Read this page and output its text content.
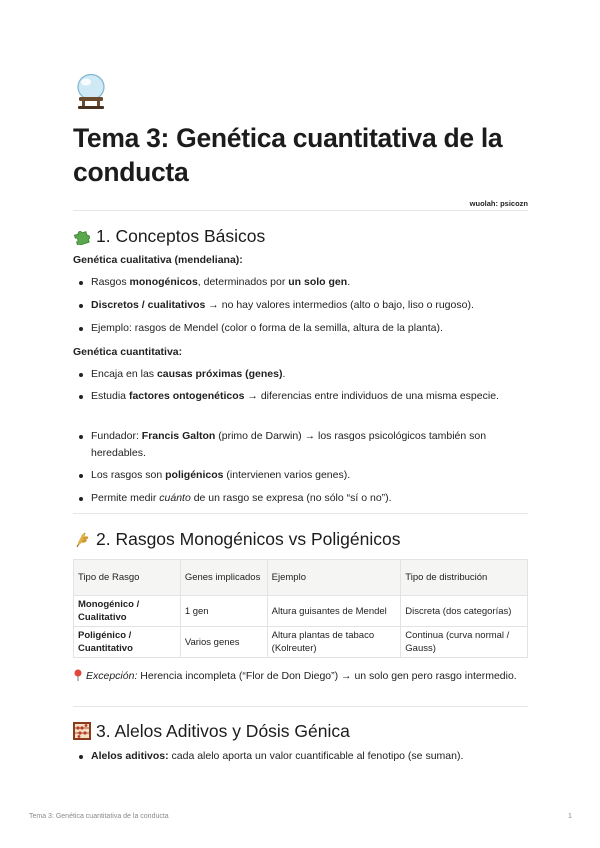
Tema 3: Genética cuantitativa de la conducta
wuolah: psicozn
1. Conceptos Básicos

Genética cualitativa (mendeliana):

Rasgos monogénicos, determinados por un solo gen.
Discretos / cualitativos → no hay valores intermedios (alto o bajo, liso o rugoso).
Ejemplo: rasgos de Mendel (color o forma de la semilla, altura de la planta).

Genética cuantitativa:

Encaja en las causas próximas (genes).
Estudia factores ontogenéticos → diferencias entre individuos de una misma especie.
Fundador: Francis Galton (primo de Darwin) → los rasgos psicológicos también son heredables.
Los rasgos son poligénicos (intervienen varios genes).
Permite medir cuánto de un rasgo se expresa (no sólo “sí o no”).
2. Rasgos Monogénicos vs Poligénicos
Tipo de Rasgo	Genes implicados	Ejemplo	Tipo de distribución
Monogénico / Cualitativo	1 gen	Altura guisantes de Mendel	Discreta (dos categorías)
Poligénico / Cuantitativo	Varios genes	Altura plantas de tabaco (Kolreuter)	Continua (curva normal / Gauss)
Excepción: Herencia incompleta (“Flor de Don Diego”) → un solo gen pero rasgo intermedio.
3. Alelos Aditivos y Dósis Génica
Alelos aditivos: cada alelo aporta un valor cuantificable al fenotipo (se suman).
Tema 3: Genética cuantitativa de la conducta	1
